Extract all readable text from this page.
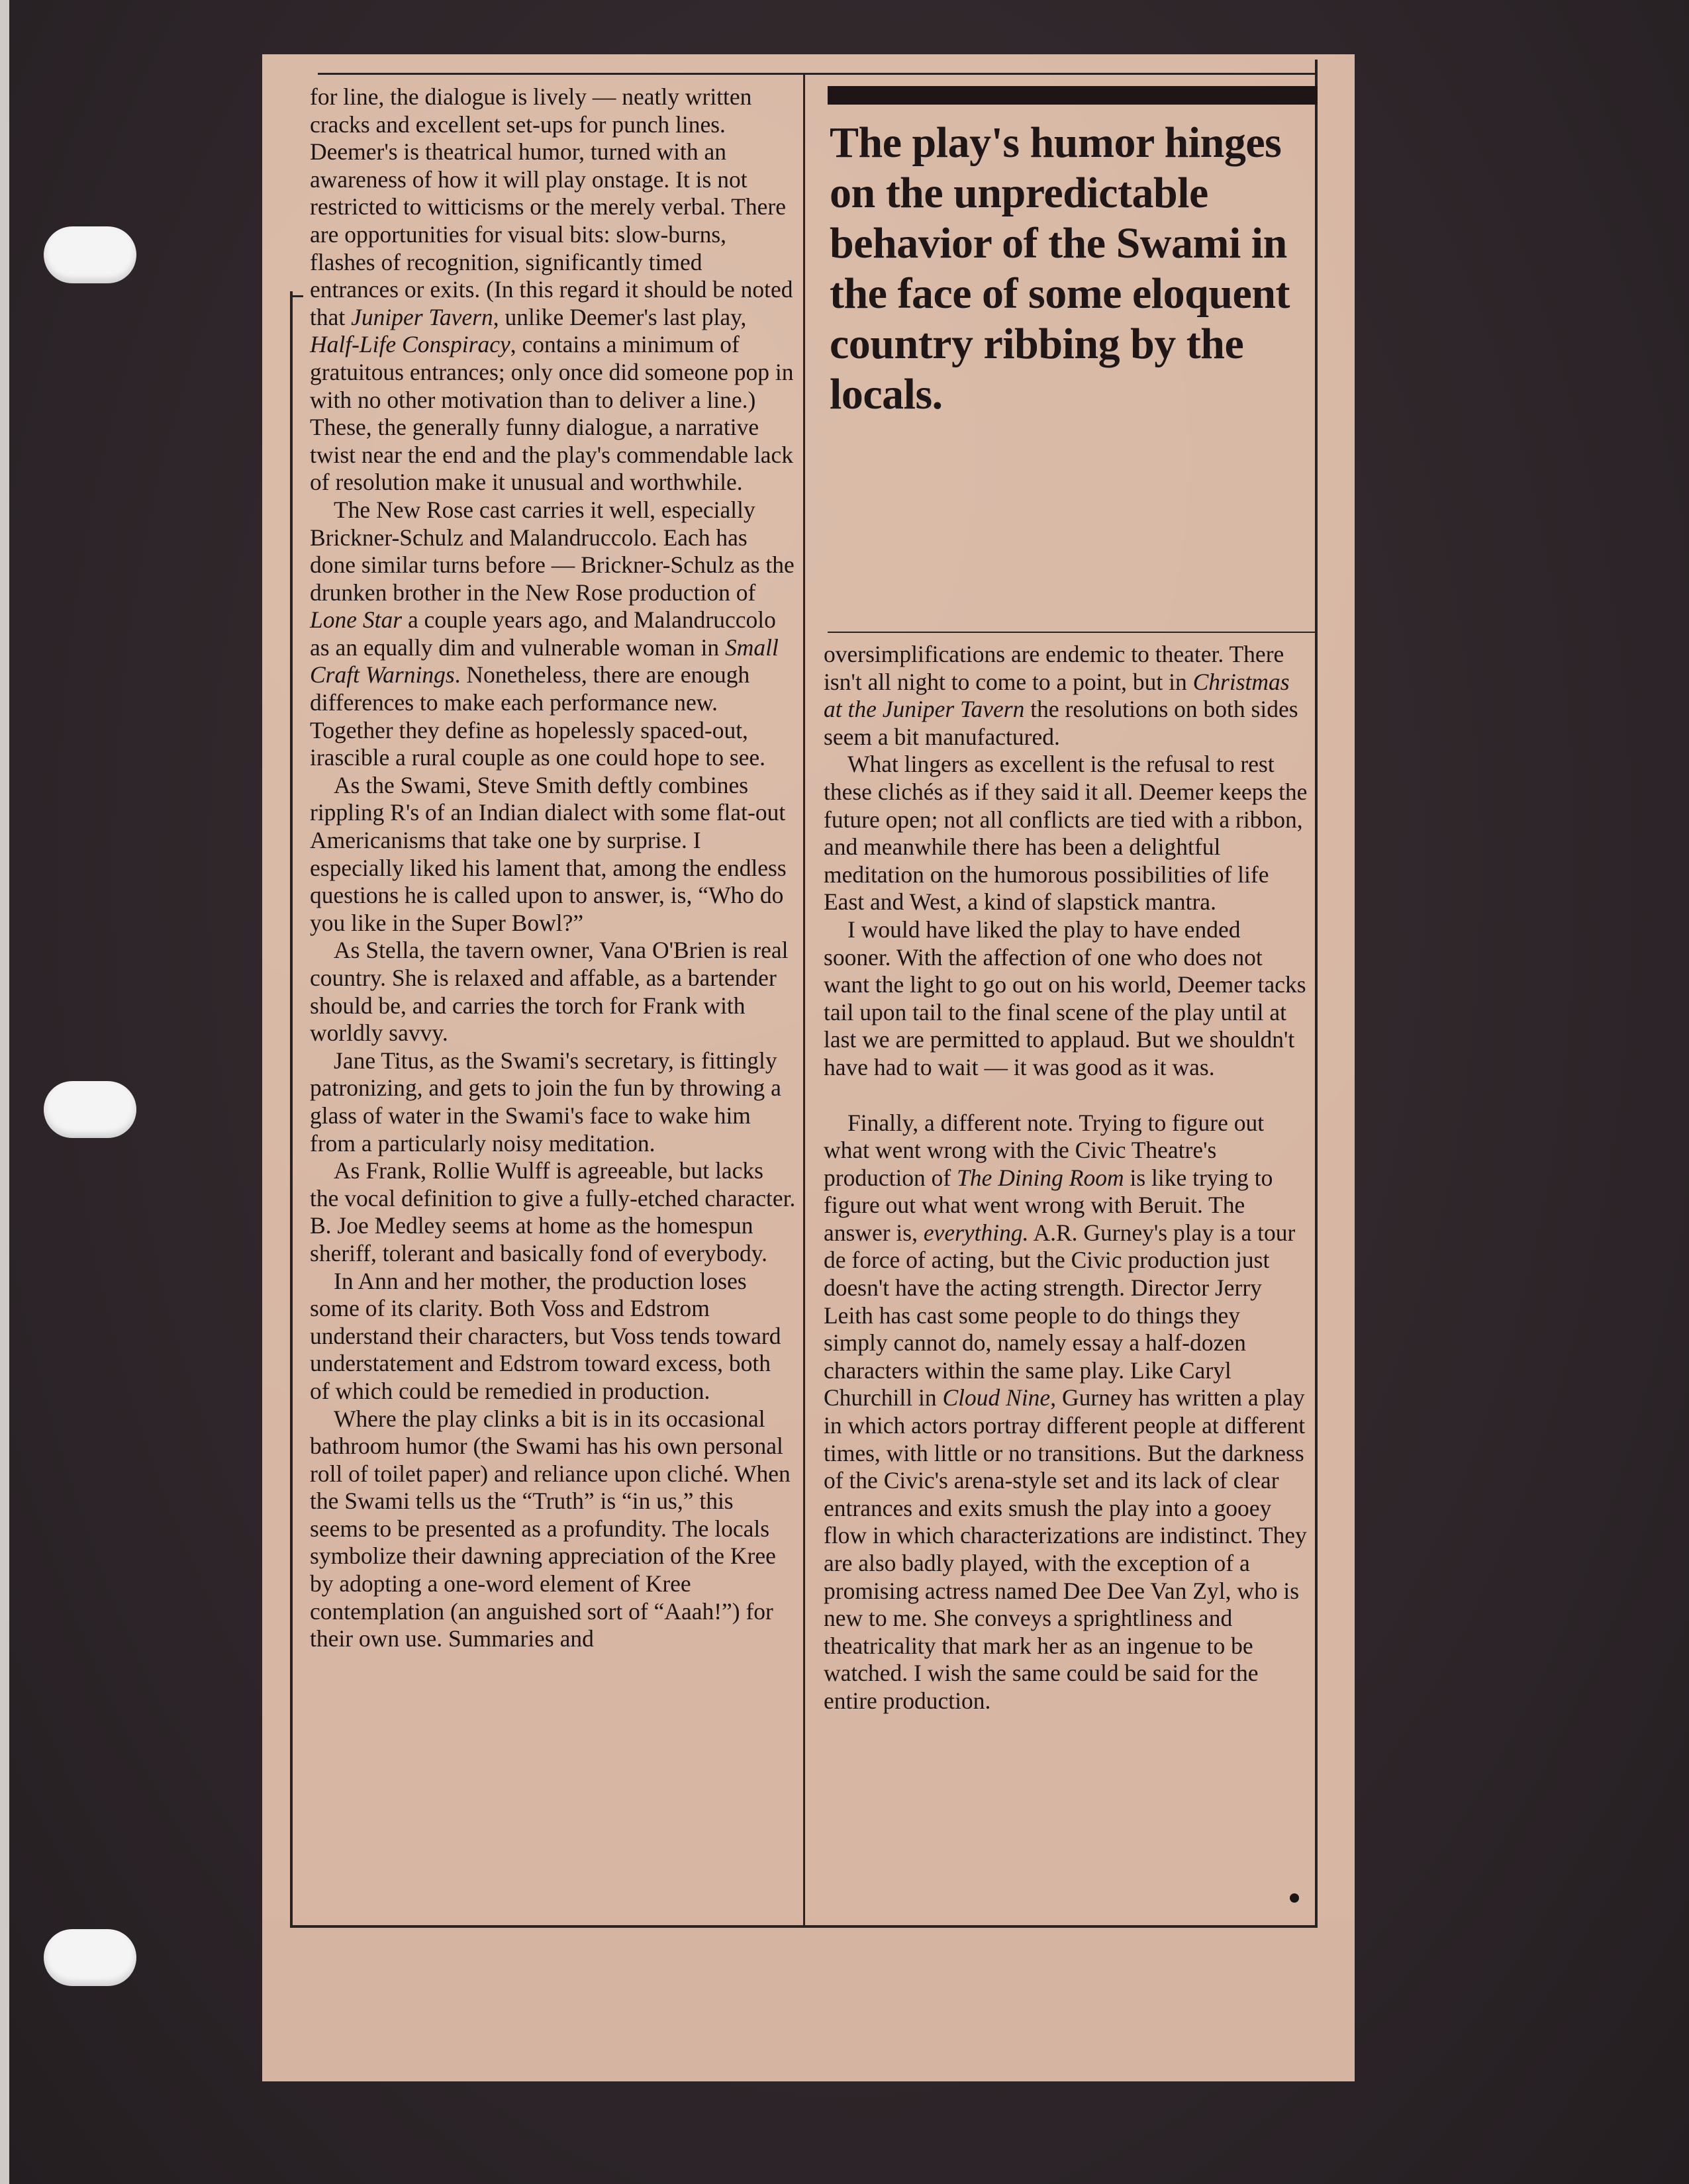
for line, the dialogue is lively — neatly written cracks and excellent set-ups for punch lines. Deemer's is theatrical humor, turned with an awareness of how it will play onstage. It is not restricted to witticisms or the merely verbal. There are opportunities for visual bits: slow-burns, flashes of recognition, significantly timed entrances or exits. (In this regard it should be noted that Juniper Tavern, unlike Deemer's last play, Half-Life Conspiracy, contains a minimum of gratuitous entrances; only once did someone pop in with no other motivation than to deliver a line.) These, the generally funny dialogue, a narrative twist near the end and the play's commendable lack of resolution make it unusual and worthwhile.

The New Rose cast carries it well, especially Brickner-Schulz and Malandruccolo. Each has done similar turns before — Brickner-Schulz as the drunken brother in the New Rose production of Lone Star a couple years ago, and Malandruccolo as an equally dim and vulnerable woman in Small Craft Warnings. Nonetheless, there are enough differences to make each performance new. Together they define as hopelessly spaced-out, irascible a rural couple as one could hope to see.

As the Swami, Steve Smith deftly combines rippling R's of an Indian dialect with some flat-out Americanisms that take one by surprise. I especially liked his lament that, among the endless questions he is called upon to answer, is, “Who do you like in the Super Bowl?”

As Stella, the tavern owner, Vana O'Brien is real country. She is relaxed and affable, as a bartender should be, and carries the torch for Frank with worldly savvy.

Jane Titus, as the Swami's secretary, is fittingly patronizing, and gets to join the fun by throwing a glass of water in the Swami's face to wake him from a particularly noisy meditation.

As Frank, Rollie Wulff is agreeable, but lacks the vocal definition to give a fully-etched character. B. Joe Medley seems at home as the homespun sheriff, tolerant and basically fond of everybody.

In Ann and her mother, the production loses some of its clarity. Both Voss and Edstrom understand their characters, but Voss tends toward understatement and Edstrom toward excess, both of which could be remedied in production.

Where the play clinks a bit is in its occasional bathroom humor (the Swami has his own personal roll of toilet paper) and reliance upon cliché. When the Swami tells us the “Truth” is “in us,” this seems to be presented as a profundity. The locals symbolize their dawning appreciation of the Kree by adopting a one-word element of Kree contemplation (an anguished sort of “Aaah!”) for their own use. Summaries and

The play's humor hinges on the unpredictable behavior of the Swami in the face of some eloquent country ribbing by the locals.

oversimplifications are endemic to theater. There isn't all night to come to a point, but in Christmas at the Juniper Tavern the resolutions on both sides seem a bit manufactured.

What lingers as excellent is the refusal to rest these clichés as if they said it all. Deemer keeps the future open; not all conflicts are tied with a ribbon, and meanwhile there has been a delightful meditation on the humorous possibilities of life East and West, a kind of slapstick mantra.

I would have liked the play to have ended sooner. With the affection of one who does not want the light to go out on his world, Deemer tacks tail upon tail to the final scene of the play until at last we are permitted to applaud. But we shouldn't have had to wait — it was good as it was.

Finally, a different note. Trying to figure out what went wrong with the Civic Theatre's production of The Dining Room is like trying to figure out what went wrong with Beruit. The answer is, everything. A.R. Gurney's play is a tour de force of acting, but the Civic production just doesn't have the acting strength. Director Jerry Leith has cast some people to do things they simply cannot do, namely essay a half-dozen characters within the same play. Like Caryl Churchill in Cloud Nine, Gurney has written a play in which actors portray different people at different times, with little or no transitions. But the darkness of the Civic's arena-style set and its lack of clear entrances and exits smush the play into a gooey flow in which characterizations are indistinct. They are also badly played, with the exception of a promising actress named Dee Dee Van Zyl, who is new to me. She conveys a sprightliness and theatricality that mark her as an ingenue to be watched. I wish the same could be said for the entire production.
